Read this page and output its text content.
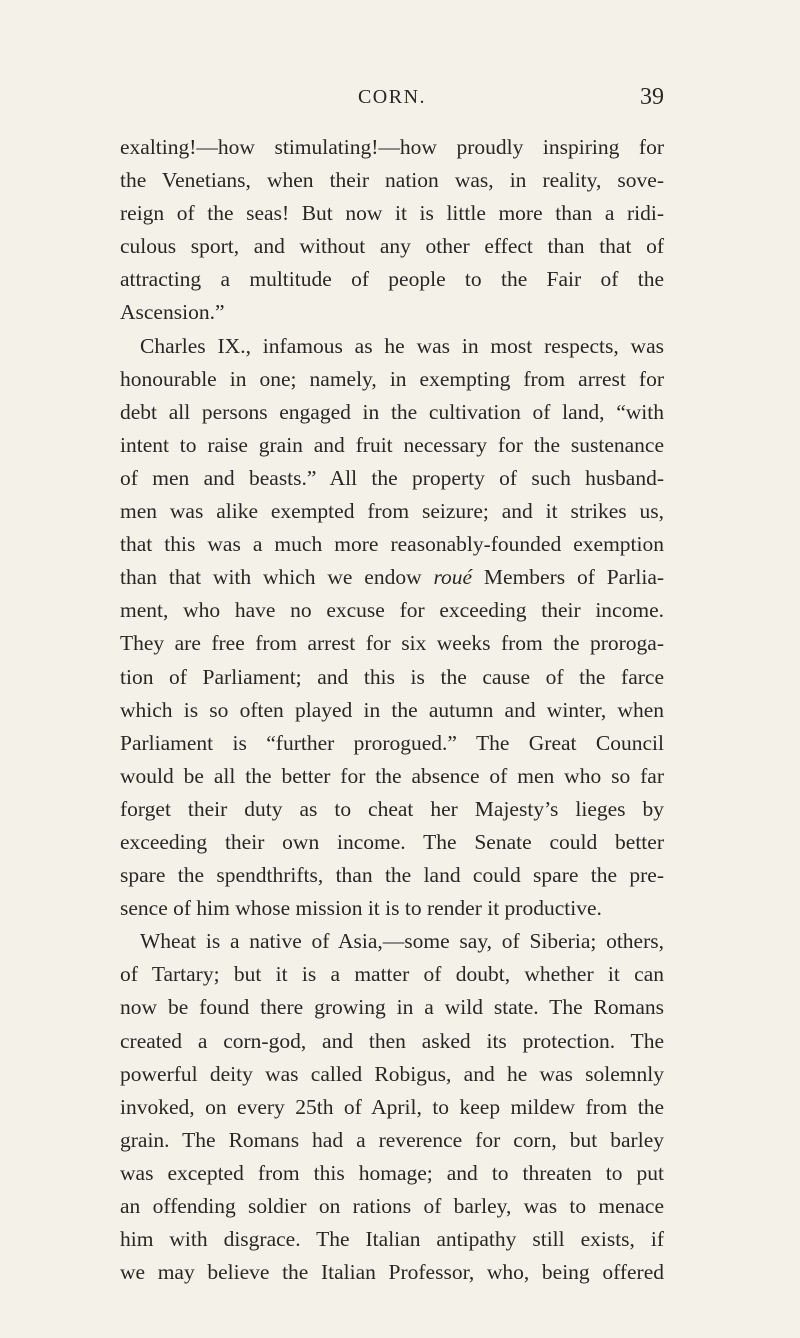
CORN.	39
exalting!—how stimulating!—how proudly inspiring for
the Venetians, when their nation was, in reality, sove-
reign of the seas! But now it is little more than a ridi-
culous sport, and without any other effect than that of
attracting a multitude of people to the Fair of the
Ascension.”
Charles IX., infamous as he was in most respects, was
honourable in one; namely, in exempting from arrest for
debt all persons engaged in the cultivation of land, “with
intent to raise grain and fruit necessary for the sustenance
of men and beasts.” All the property of such husband-
men was alike exempted from seizure; and it strikes us,
that this was a much more reasonably-founded exemption
than that with which we endow roué Members of Parlia-
ment, who have no excuse for exceeding their income.
They are free from arrest for six weeks from the proroga-
tion of Parliament; and this is the cause of the farce
which is so often played in the autumn and winter, when
Parliament is “further prorogued.” The Great Council
would be all the better for the absence of men who so far
forget their duty as to cheat her Majesty’s lieges by
exceeding their own income. The Senate could better
spare the spendthrifts, than the land could spare the pre-
sence of him whose mission it is to render it productive.
Wheat is a native of Asia,—some say, of Siberia; others,
of Tartary; but it is a matter of doubt, whether it can
now be found there growing in a wild state. The Romans
created a corn-god, and then asked its protection. The
powerful deity was called Robigus, and he was solemnly
invoked, on every 25th of April, to keep mildew from the
grain. The Romans had a reverence for corn, but barley
was excepted from this homage; and to threaten to put
an offending soldier on rations of barley, was to menace
him with disgrace. The Italian antipathy still exists, if
we may believe the Italian Professor, who, being offered
